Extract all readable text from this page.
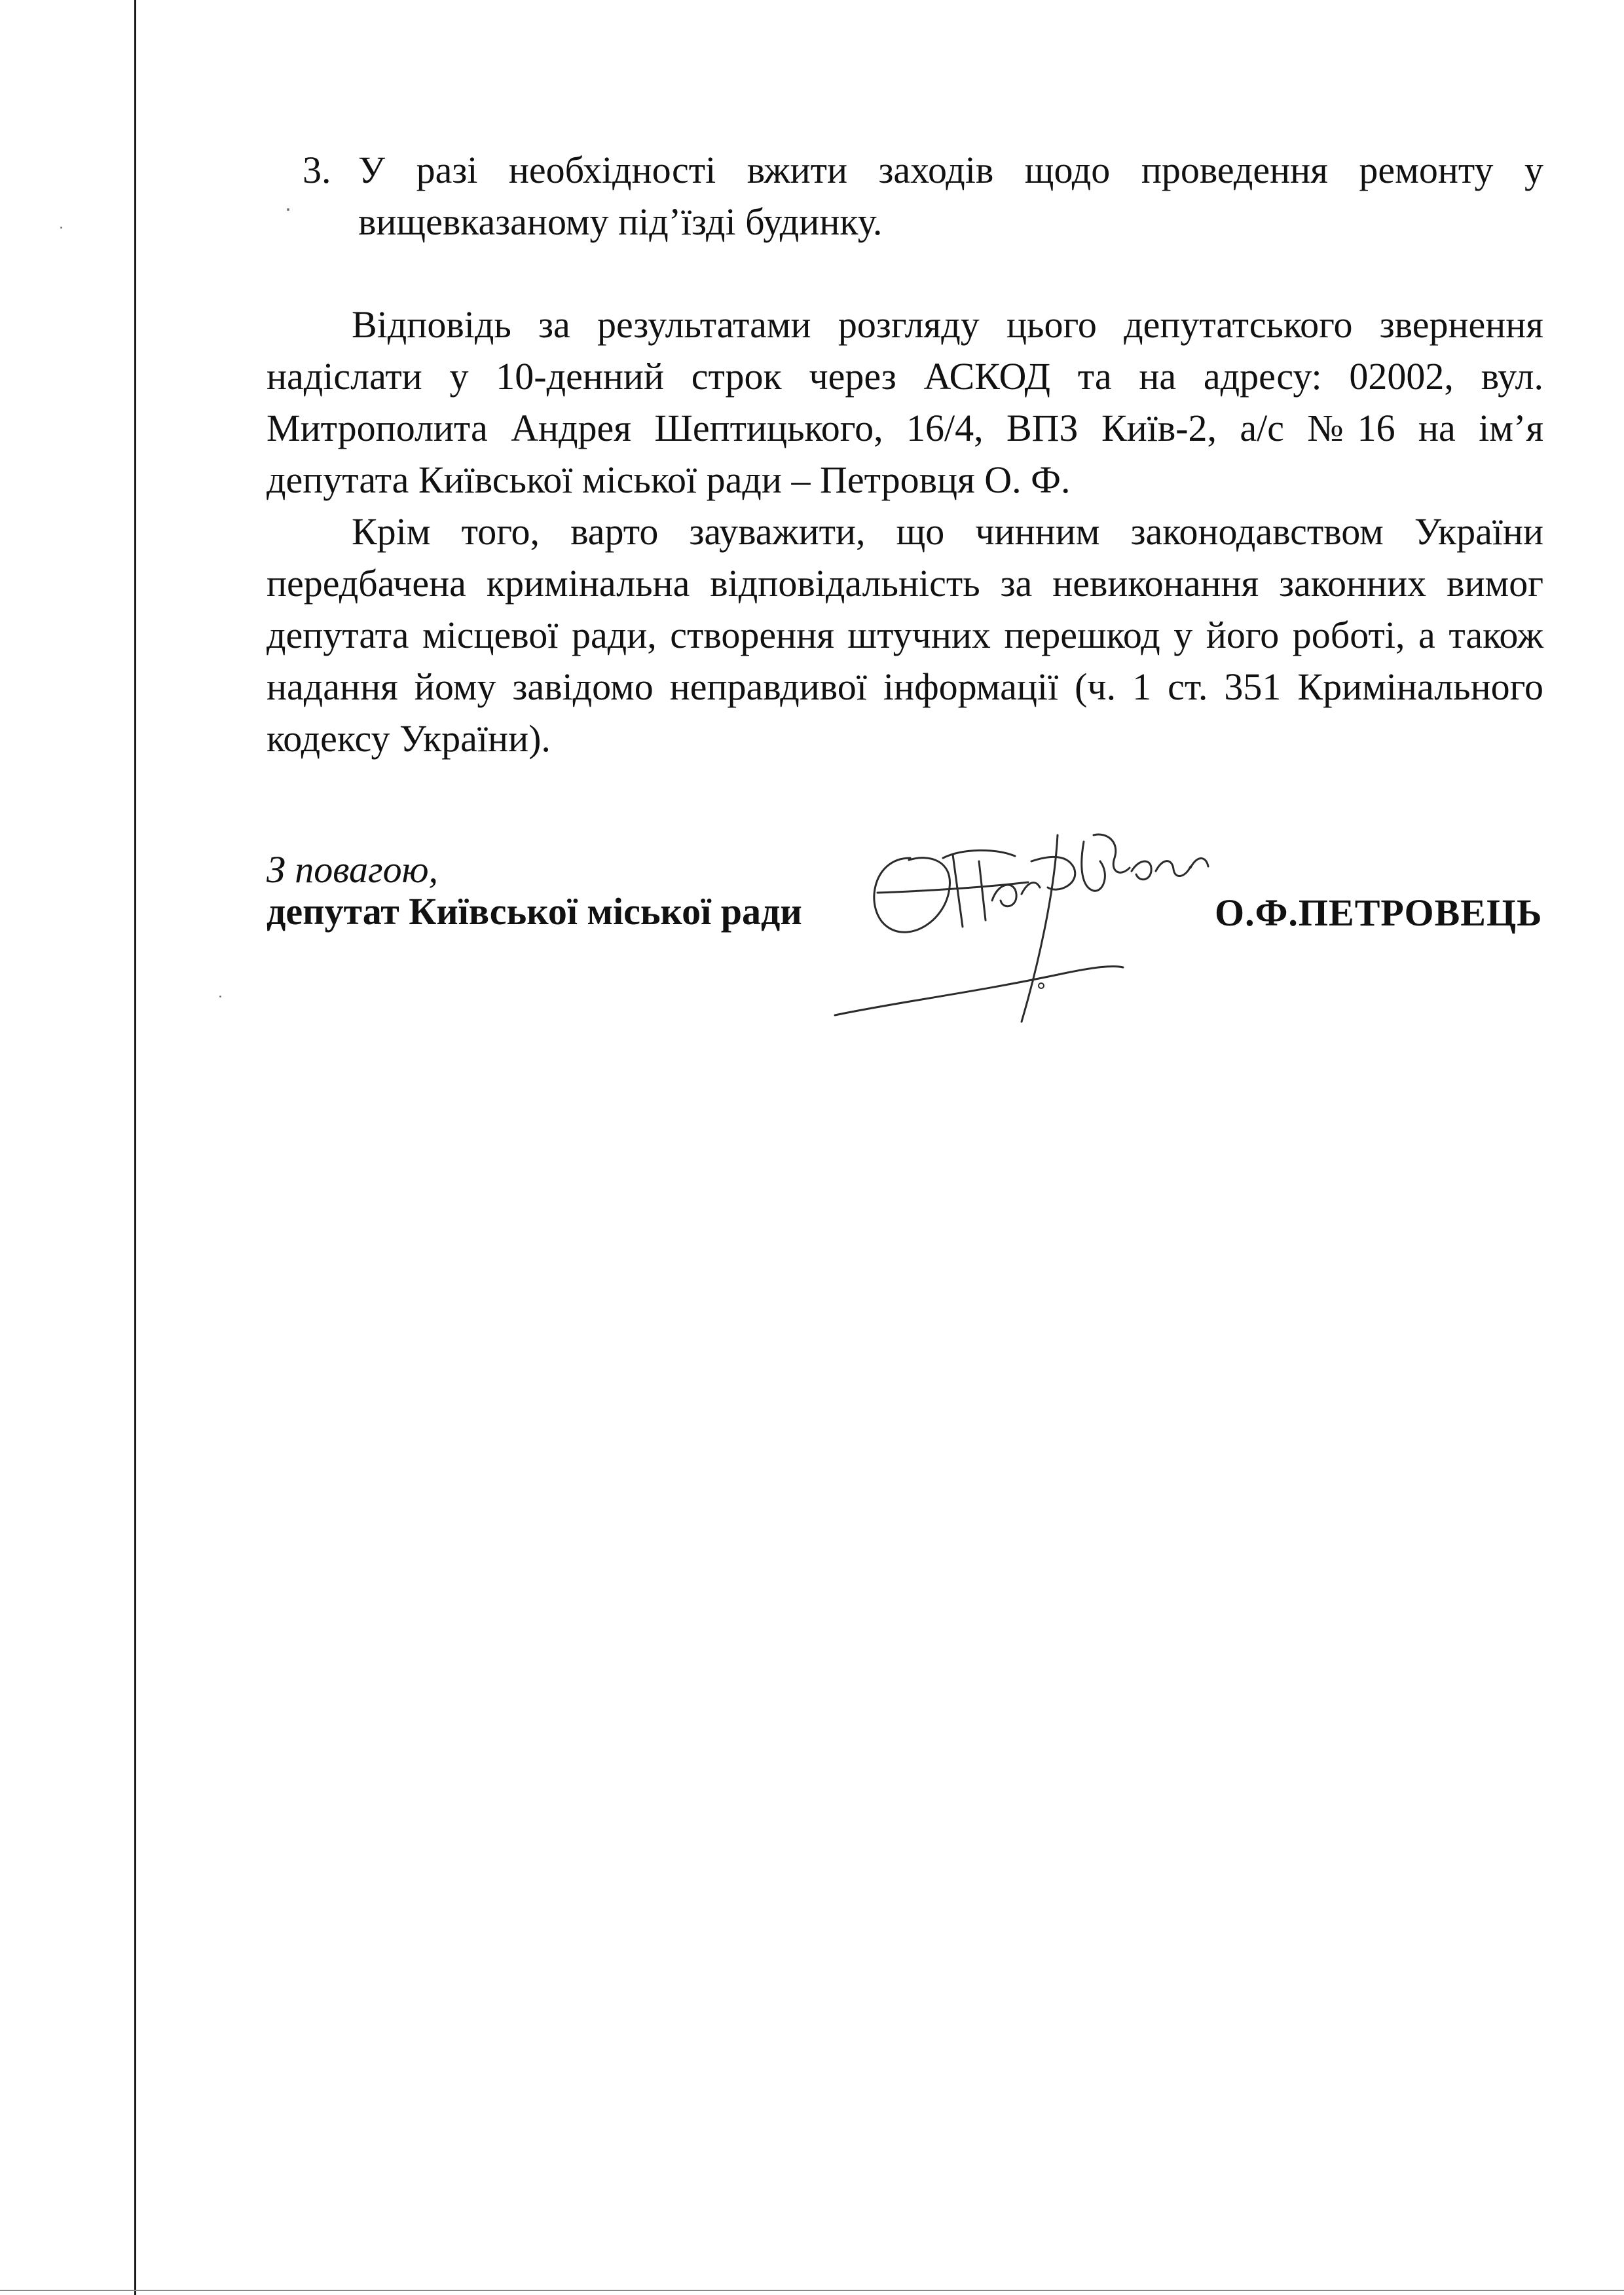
3. У разі необхідності вжити заходів щодо проведення ремонту у вищевказаному під’їзді будинку.
Відповідь за результатами розгляду цього депутатського звернення надіслати у 10-денний строк через АСКОД та на адресу: 02002, вул. Митрополита Андрея Шептицького, 16/4, ВПЗ Київ-2, а/с №16 на ім’я депутата Київської міської ради – Петровця О. Ф.
Крім того, варто зауважити, що чинним законодавством України передбачена кримінальна відповідальність за невиконання законних вимог депутата місцевої ради, створення штучних перешкод у його роботі, а також надання йому завідомо неправдивої інформації (ч. 1 ст. 351 Кримінального кодексу України).
З повагою,
депутат Київської міської ради	О.Ф.ПЕТРОВЕЦЬ
